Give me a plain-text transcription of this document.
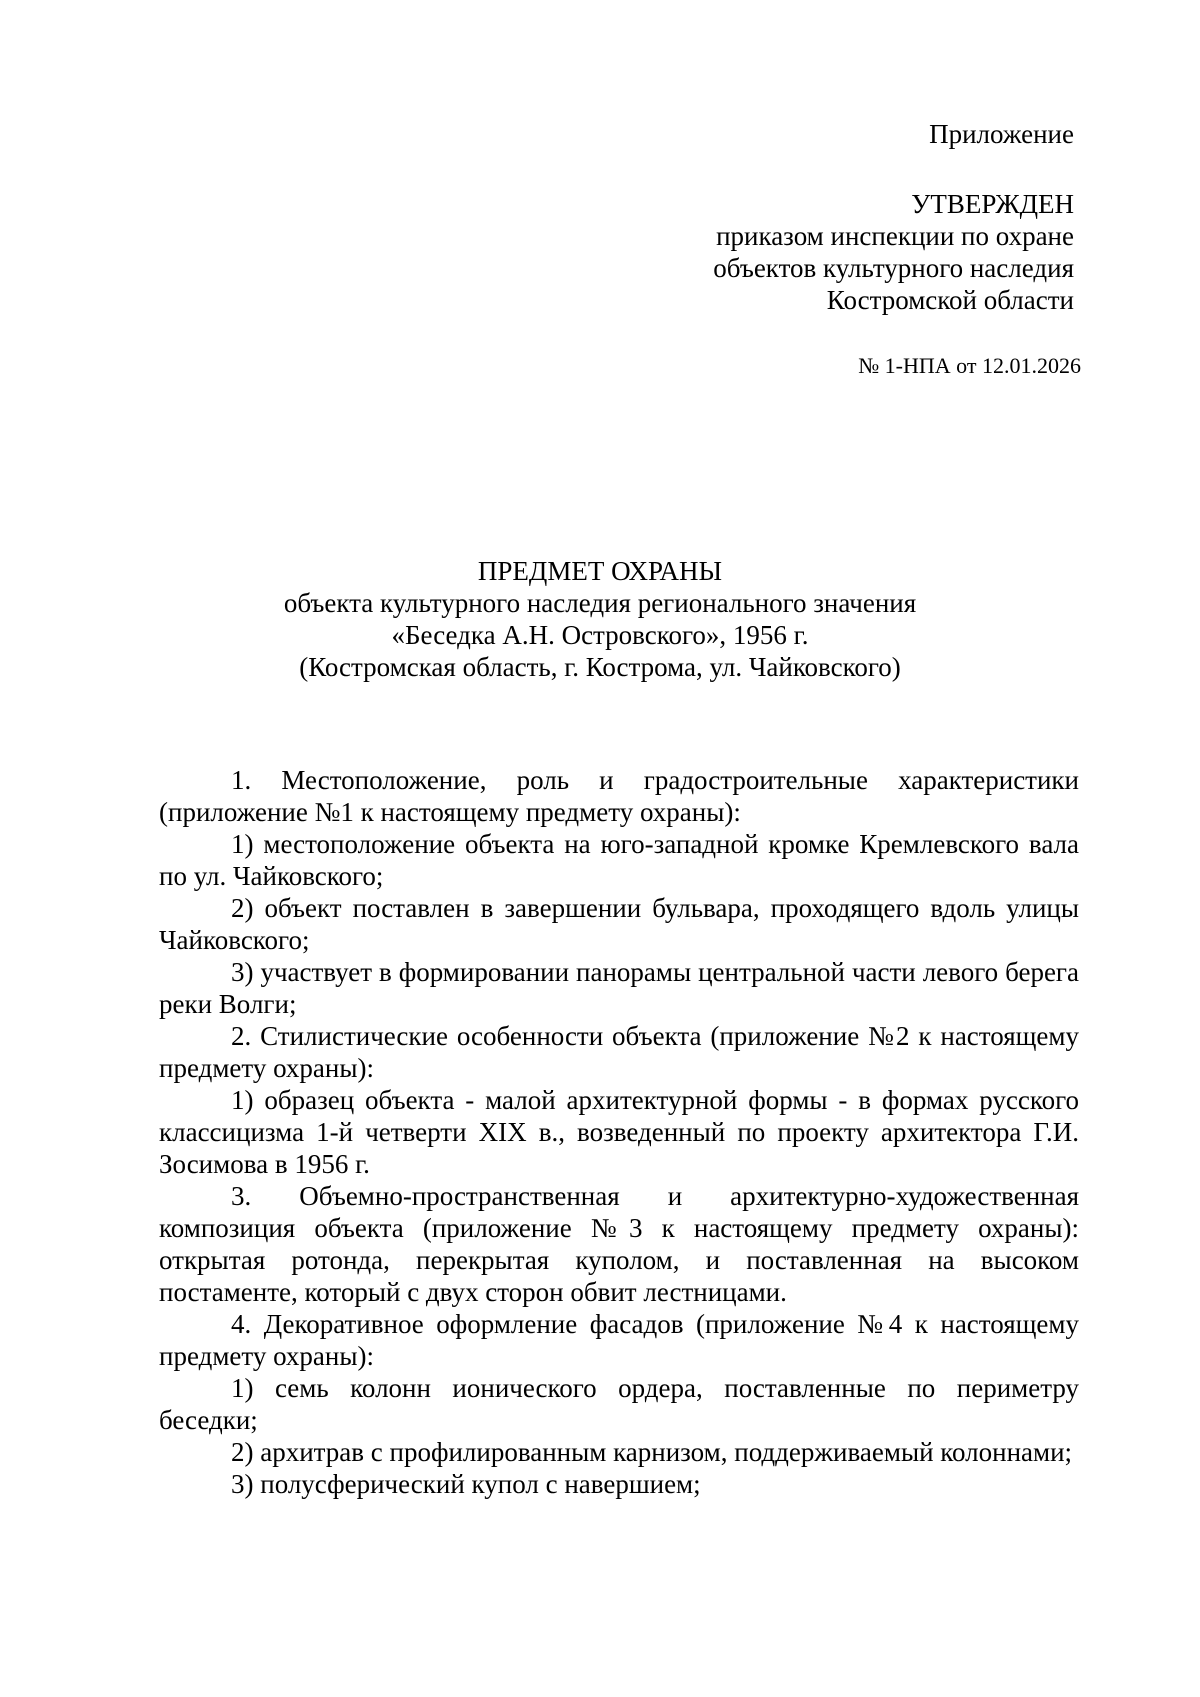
Приложение
УТВЕРЖДЕН
приказом инспекции по охране
объектов культурного наследия
Костромской области
№ 1-НПА от 12.01.2026
ПРЕДМЕТ ОХРАНЫ
объекта культурного наследия регионального значения
«Беседка А.Н. Островского», 1956 г.
(Костромская область, г. Кострома, ул. Чайковского)

1. Местоположение, роль и градостроительные характеристики (приложение №1 к настоящему предмету охраны):

1) местоположение объекта на юго-западной кромке Кремлевского вала по ул. Чайковского;

2) объект поставлен в завершении бульвара, проходящего вдоль улицы Чайковского;

3) участвует в формировании панорамы центральной части левого берега реки Волги;

2. Стилистические особенности объекта (приложение №2 к настоящему предмету охраны):

1) образец объекта - малой архитектурной формы - в формах русского классицизма 1-й четверти XIX в., возведенный по проекту архитектора Г.И. Зосимова в 1956 г.

3. Объемно-пространственная и архитектурно-художественная композиция объекта (приложение №3 к настоящему предмету охраны): открытая ротонда, перекрытая куполом, и поставленная на высоком постаменте, который с двух сторон обвит лестницами.

4. Декоративное оформление фасадов (приложение №4 к настоящему предмету охраны):

1) семь колонн ионического ордера, поставленные по периметру беседки;

2) архитрав с профилированным карнизом, поддерживаемый колоннами;

3) полусферический купол с навершием;
